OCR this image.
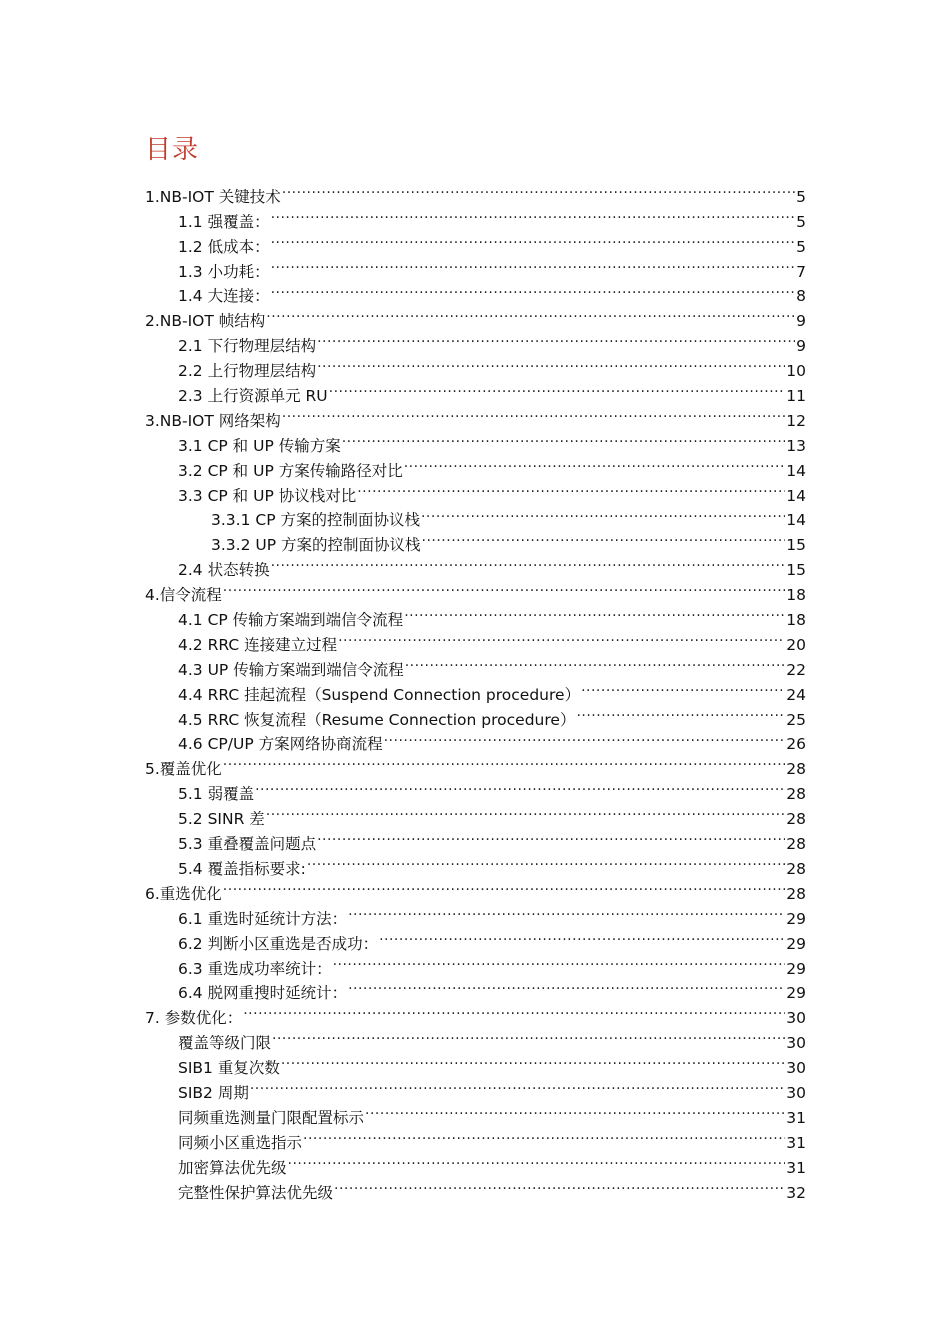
目录
1.NB-IOT 关键技术 .....	5
1.1 强覆盖： .....	5
1.2 低成本： .....	5
1.3 小功耗： .....	7
1.4 大连接： .....	8
2.NB-IOT 帧结构 .....	9
2.1 下行物理层结构 .....	9
2.2 上行物理层结构 .....	10
2.3 上行资源单元 RU .....	11
3.NB-IOT 网络架构 .....	12
3.1 CP 和 UP 传输方案 .....	13
3.2 CP 和 UP 方案传输路径对比 .....	14
3.3 CP 和 UP 协议栈对比 .....	14
3.3.1 CP 方案的控制面协议栈 .....	14
3.3.2 UP 方案的控制面协议栈 .....	15
2.4 状态转换 .....	15
4.信令流程 .....	18
4.1 CP 传输方案端到端信令流程 .....	18
4.2 RRC 连接建立过程 .....	20
4.3 UP 传输方案端到端信令流程 .....	22
4.4 RRC 挂起流程（Suspend Connection procedure） .....	24
4.5 RRC 恢复流程（Resume Connection procedure） .....	25
4.6 CP/UP 方案网络协商流程 .....	26
5.覆盖优化 .....	28
5.1 弱覆盖 .....	28
5.2 SINR 差 .....	28
5.3 重叠覆盖问题点 .....	28
5.4 覆盖指标要求: .....	28
6.重选优化 .....	28
6.1 重选时延统计方法： .....	29
6.2 判断小区重选是否成功： .....	29
6.3 重选成功率统计： .....	29
6.4 脱网重搜时延统计： .....	29
7. 参数优化： .....	30
覆盖等级门限 .....	30
SIB1 重复次数 .....	30
SIB2 周期 .....	30
同频重选测量门限配置标示 .....	31
同频小区重选指示 .....	31
加密算法优先级 .....	31
完整性保护算法优先级 .....	32
